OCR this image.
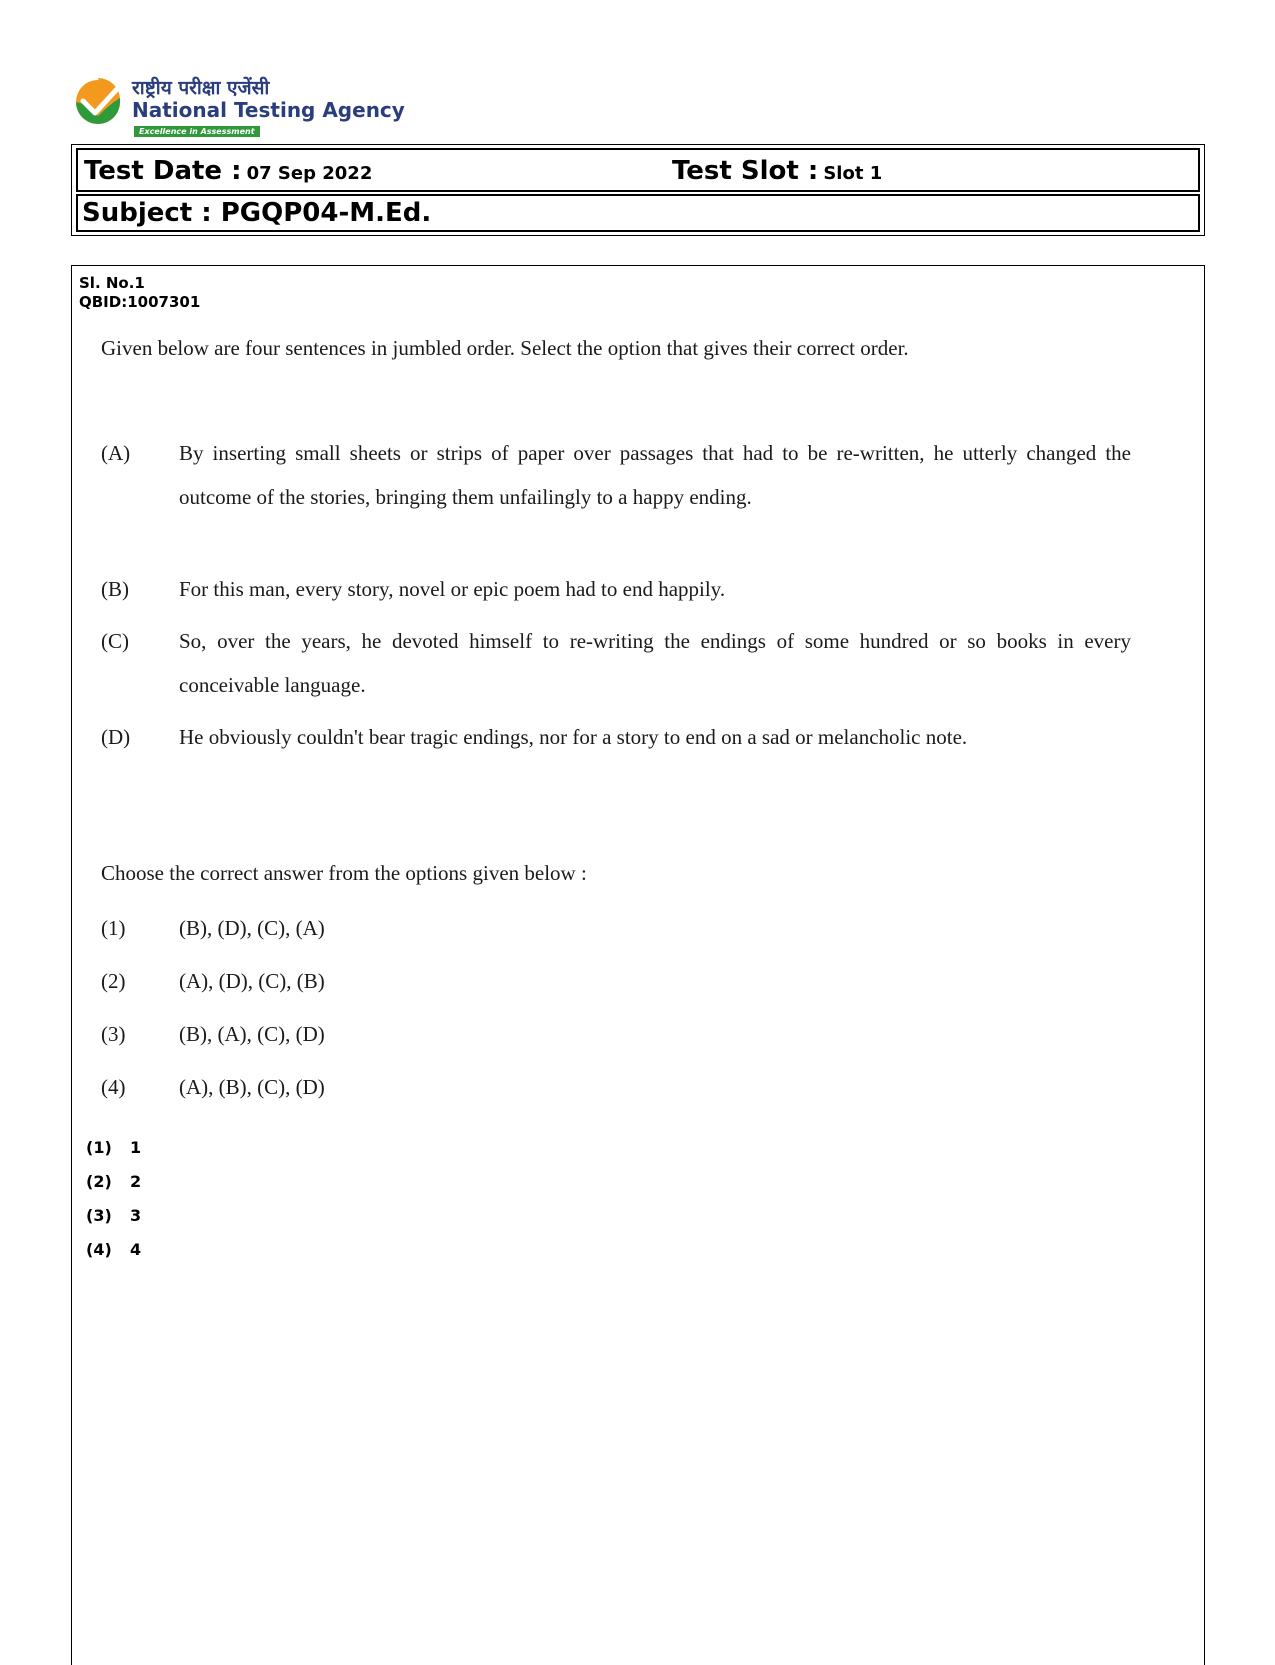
राष्ट्रीय परीक्षा एजेंसी
National Testing Agency
Excellence in Assessment
Test Date : 07 Sep 2022	Test Slot : Slot 1
Subject : PGQP04-M.Ed.
Sl. No.1
QBID:1007301
Given below are four sentences in jumbled order. Select the option that gives their correct order.
(A) By inserting small sheets or strips of paper over passages that had to be re-written, he utterly changed the outcome of the stories, bringing them unfailingly to a happy ending.
(B) For this man, every story, novel or epic poem had to end happily.
(C) So, over the years, he devoted himself to re-writing the endings of some hundred or so books in every conceivable language.
(D) He obviously couldn't bear tragic endings, nor for a story to end on a sad or melancholic note.
Choose the correct answer from the options given below :
(1)	(B), (D), (C), (A)
(2)	(A), (D), (C), (B)
(3)	(B), (A), (C), (D)
(4)	(A), (B), (C), (D)
(1) 1
(2) 2
(3) 3
(4) 4
